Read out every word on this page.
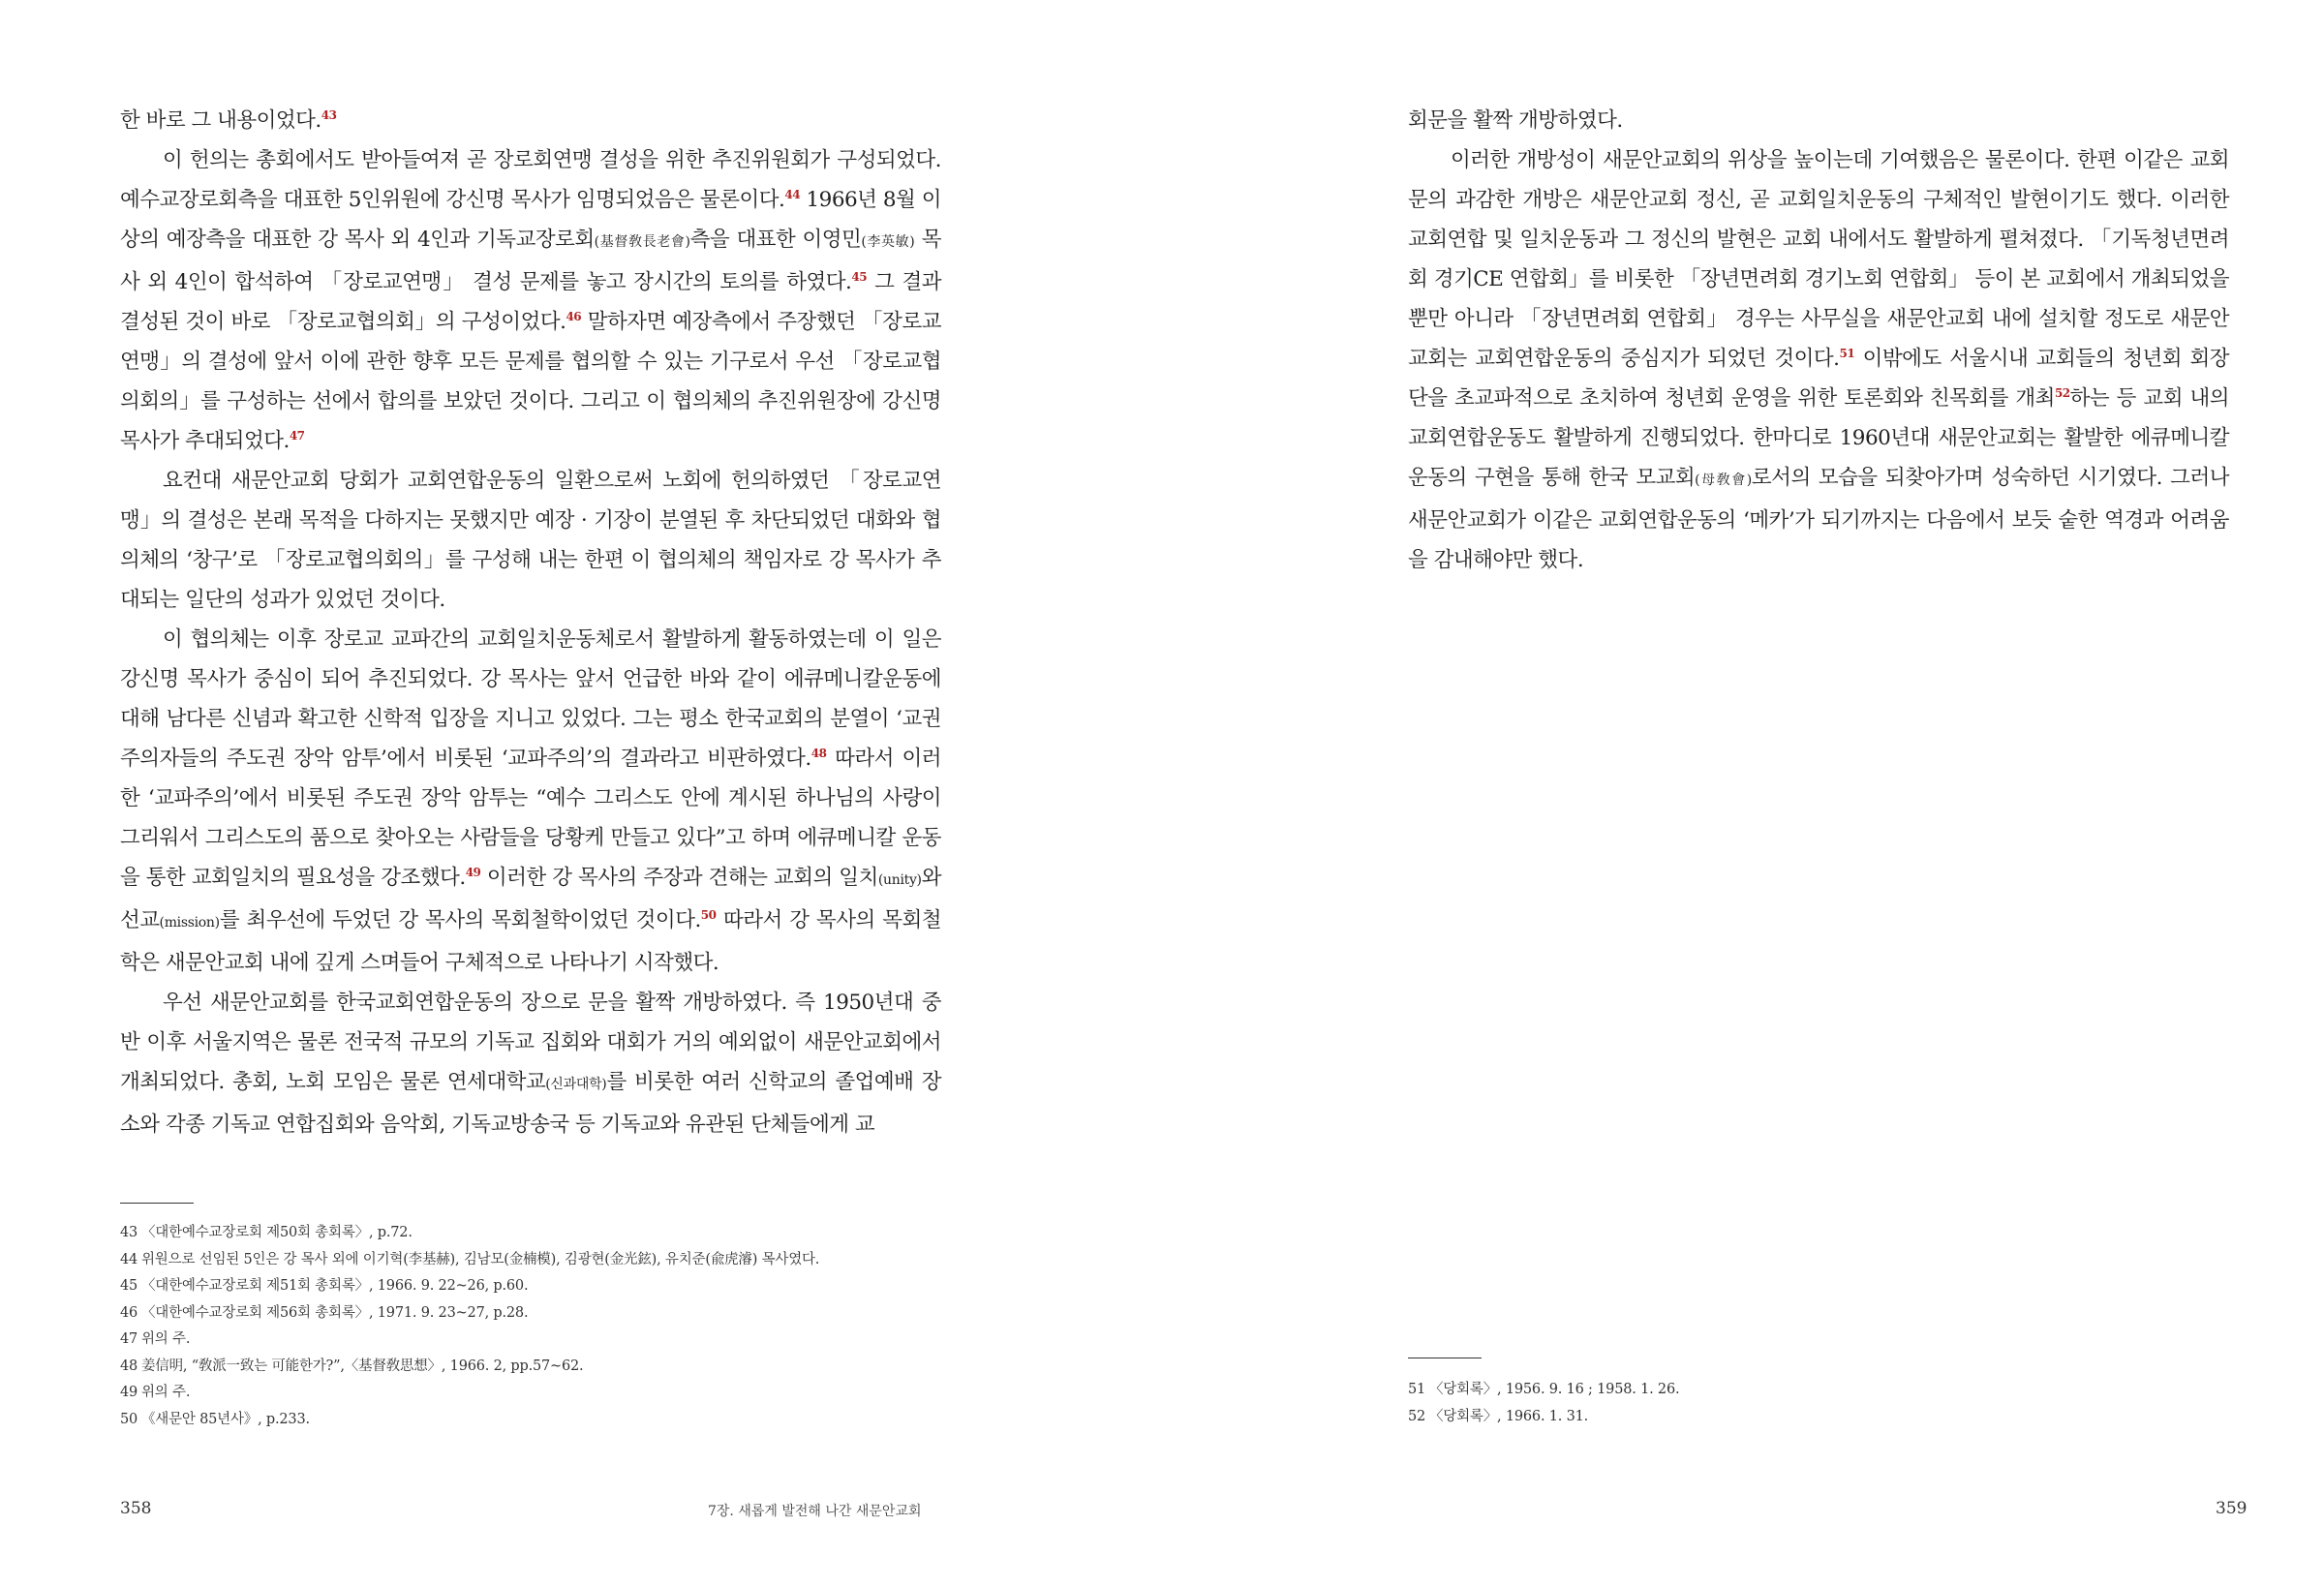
한 바로 그 내용이었다.$^{43}$

이 헌의는 총회에서도 받아들여져 곧 장로회연맹 결성을 위한 추진위원회가 구성되었다. 예수교장로회측을 대표한 5인위원에 강신명 목사가 임명되었음은 물론이다.$^{44}$ 1966년 8월 이상의 예장측을 대표한 강 목사 외 4인과 기독교장로회(基督敎長老會)측을 대표한 이영민(李英敏) 목사 외 4인이 합석하여 「장로교연맹」 결성 문제를 놓고 장시간의 토의를 하였다.$^{45}$ 그 결과 결성된 것이 바로 「장로교협의회」의 구성이었다.$^{46}$ 말하자면 예장측에서 주장했던 「장로교연맹」의 결성에 앞서 이에 관한 향후 모든 문제를 협의할 수 있는 기구로서 우선 「장로교협의회의」를 구성하는 선에서 합의를 보았던 것이다. 그리고 이 협의체의 추진위원장에 강신명 목사가 추대되었다.$^{47}$

요컨대 새문안교회 당회가 교회연합운동의 일환으로써 노회에 헌의하였던 「장로교연맹」의 결성은 본래 목적을 다하지는 못했지만 예장 · 기장이 분열된 후 차단되었던 대화와 협의체의 ‘창구’로 「장로교협의회의」를 구성해 내는 한편 이 협의체의 책임자로 강 목사가 추대되는 일단의 성과가 있었던 것이다.

이 협의체는 이후 장로교 교파간의 교회일치운동체로서 활발하게 활동하였는데 이 일은 강신명 목사가 중심이 되어 추진되었다. 강 목사는 앞서 언급한 바와 같이 에큐메니칼운동에 대해 남다른 신념과 확고한 신학적 입장을 지니고 있었다. 그는 평소 한국교회의 분열이 ‘교권주의자들의 주도권 장악 암투’에서 비롯된 ‘교파주의’의 결과라고 비판하였다.$^{48}$ 따라서 이러한 ‘교파주의’에서 비롯된 주도권 장악 암투는 “예수 그리스도 안에 계시된 하나님의 사랑이 그리워서 그리스도의 품으로 찾아오는 사람들을 당황케 만들고 있다”고 하며 에큐메니칼 운동을 통한 교회일치의 필요성을 강조했다.$^{49}$ 이러한 강 목사의 주장과 견해는 교회의 일치(unity)와 선교(mission)를 최우선에 두었던 강 목사의 목회철학이었던 것이다.$^{50}$ 따라서 강 목사의 목회철학은 새문안교회 내에 깊게 스며들어 구체적으로 나타나기 시작했다.

우선 새문안교회를 한국교회연합운동의 장으로 문을 활짝 개방하였다. 즉 1950년대 중반 이후 서울지역은 물론 전국적 규모의 기독교 집회와 대회가 거의 예외없이 새문안교회에서 개최되었다. 총회, 노회 모임은 물론 연세대학교(신과대학)를 비롯한 여러 신학교의 졸업예배 장소와 각종 기독교 연합집회와 음악회, 기독교방송국 등 기독교와 유관된 단체들에게 교

43 〈대한예수교장로회 제50회 총회록〉, p.72.
44 위원으로 선임된 5인은 강 목사 외에 이기혁(李基赫), 김남모(金楠模), 김광현(金光鉉), 유치준(兪虎濬) 목사였다.
45 〈대한예수교장로회 제51회 총회록〉, 1966. 9. 22~26, p.60.
46 〈대한예수교장로회 제56회 총회록〉, 1971. 9. 23~27, p.28.
47 위의 주.
48 姜信明, “敎派一致는 可能한가?”,〈基督敎思想〉, 1966. 2, pp.57~62.
49 위의 주.
50 《새문안 85년사》, p.233.
358	7장. 새롭게 발전해 나간 새문안교회

회문을 활짝 개방하였다.

이러한 개방성이 새문안교회의 위상을 높이는데 기여했음은 물론이다. 한편 이같은 교회문의 과감한 개방은 새문안교회 정신, 곧 교회일치운동의 구체적인 발현이기도 했다. 이러한 교회연합 및 일치운동과 그 정신의 발현은 교회 내에서도 활발하게 펼쳐졌다. 「기독청년면려회 경기CE 연합회」를 비롯한 「장년면려회 경기노회 연합회」 등이 본 교회에서 개최되었을 뿐만 아니라 「장년면려회 연합회」 경우는 사무실을 새문안교회 내에 설치할 정도로 새문안교회는 교회연합운동의 중심지가 되었던 것이다.$^{51}$ 이밖에도 서울시내 교회들의 청년회 회장단을 초교파적으로 초치하여 청년회 운영을 위한 토론회와 친목회를 개최$^{52}$하는 등 교회 내의 교회연합운동도 활발하게 진행되었다. 한마디로 1960년대 새문안교회는 활발한 에큐메니칼운동의 구현을 통해 한국 모교회(母敎會)로서의 모습을 되찾아가며 성숙하던 시기였다. 그러나 새문안교회가 이같은 교회연합운동의 ‘메카’가 되기까지는 다음에서 보듯 숱한 역경과 어려움을 감내해야만 했다.

51 〈당회록〉, 1956. 9. 16 ; 1958. 1. 26.
52 〈당회록〉, 1966. 1. 31.
359
